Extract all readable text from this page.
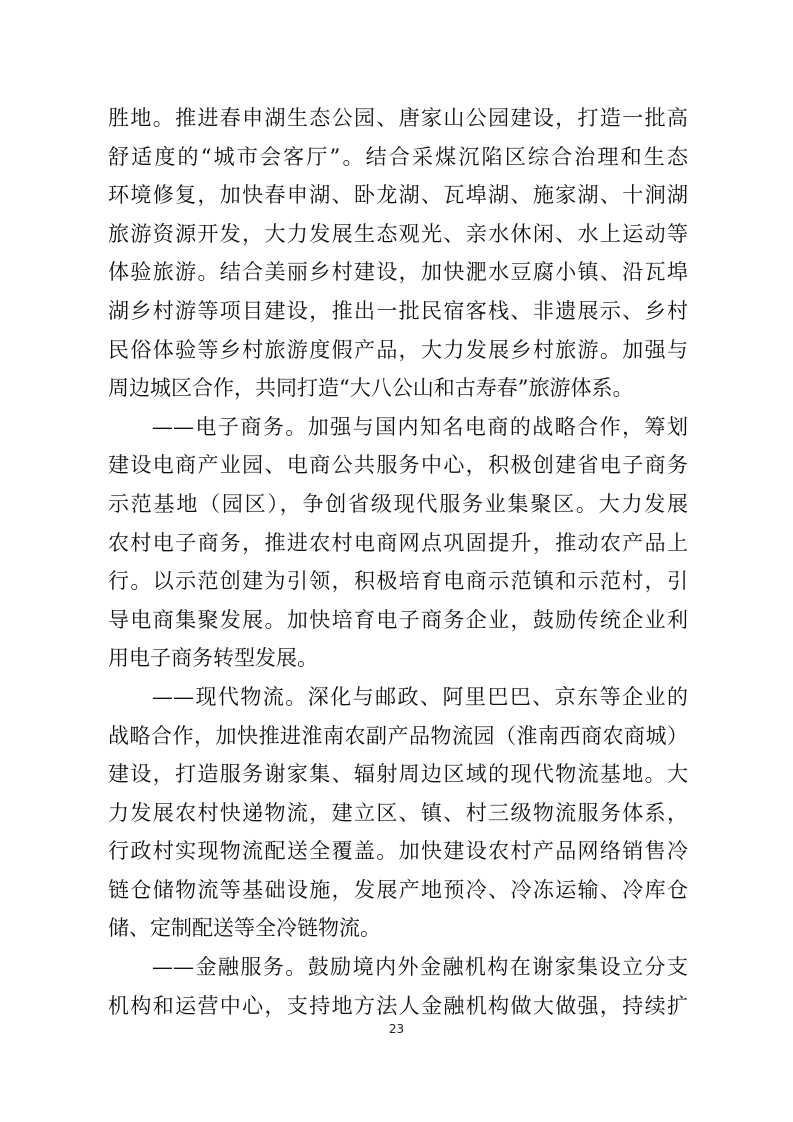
胜地。推进春申湖生态公园、唐家山公园建设，打造一批高
舒适度的“城市会客厅”。结合采煤沉陷区综合治理和生态
环境修复，加快春申湖、卧龙湖、瓦埠湖、施家湖、十涧湖
旅游资源开发，大力发展生态观光、亲水休闲、水上运动等
体验旅游。结合美丽乡村建设，加快淝水豆腐小镇、沿瓦埠
湖乡村游等项目建设，推出一批民宿客栈、非遗展示、乡村
民俗体验等乡村旅游度假产品，大力发展乡村旅游。加强与
周边城区合作，共同打造“大八公山和古寿春”旅游体系。
——电子商务。加强与国内知名电商的战略合作，筹划
建设电商产业园、电商公共服务中心，积极创建省电子商务
示范基地（园区），争创省级现代服务业集聚区。大力发展
农村电子商务，推进农村电商网点巩固提升，推动农产品上
行。以示范创建为引领，积极培育电商示范镇和示范村，引
导电商集聚发展。加快培育电子商务企业，鼓励传统企业利
用电子商务转型发展。
——现代物流。深化与邮政、阿里巴巴、京东等企业的
战略合作，加快推进淮南农副产品物流园（淮南西商农商城）
建设，打造服务谢家集、辐射周边区域的现代物流基地。大
力发展农村快递物流，建立区、镇、村三级物流服务体系，
行政村实现物流配送全覆盖。加快建设农村产品网络销售冷
链仓储物流等基础设施，发展产地预冷、冷冻运输、冷库仓
储、定制配送等全冷链物流。
——金融服务。鼓励境内外金融机构在谢家集设立分支
机构和运营中心，支持地方法人金融机构做大做强，持续扩
23
